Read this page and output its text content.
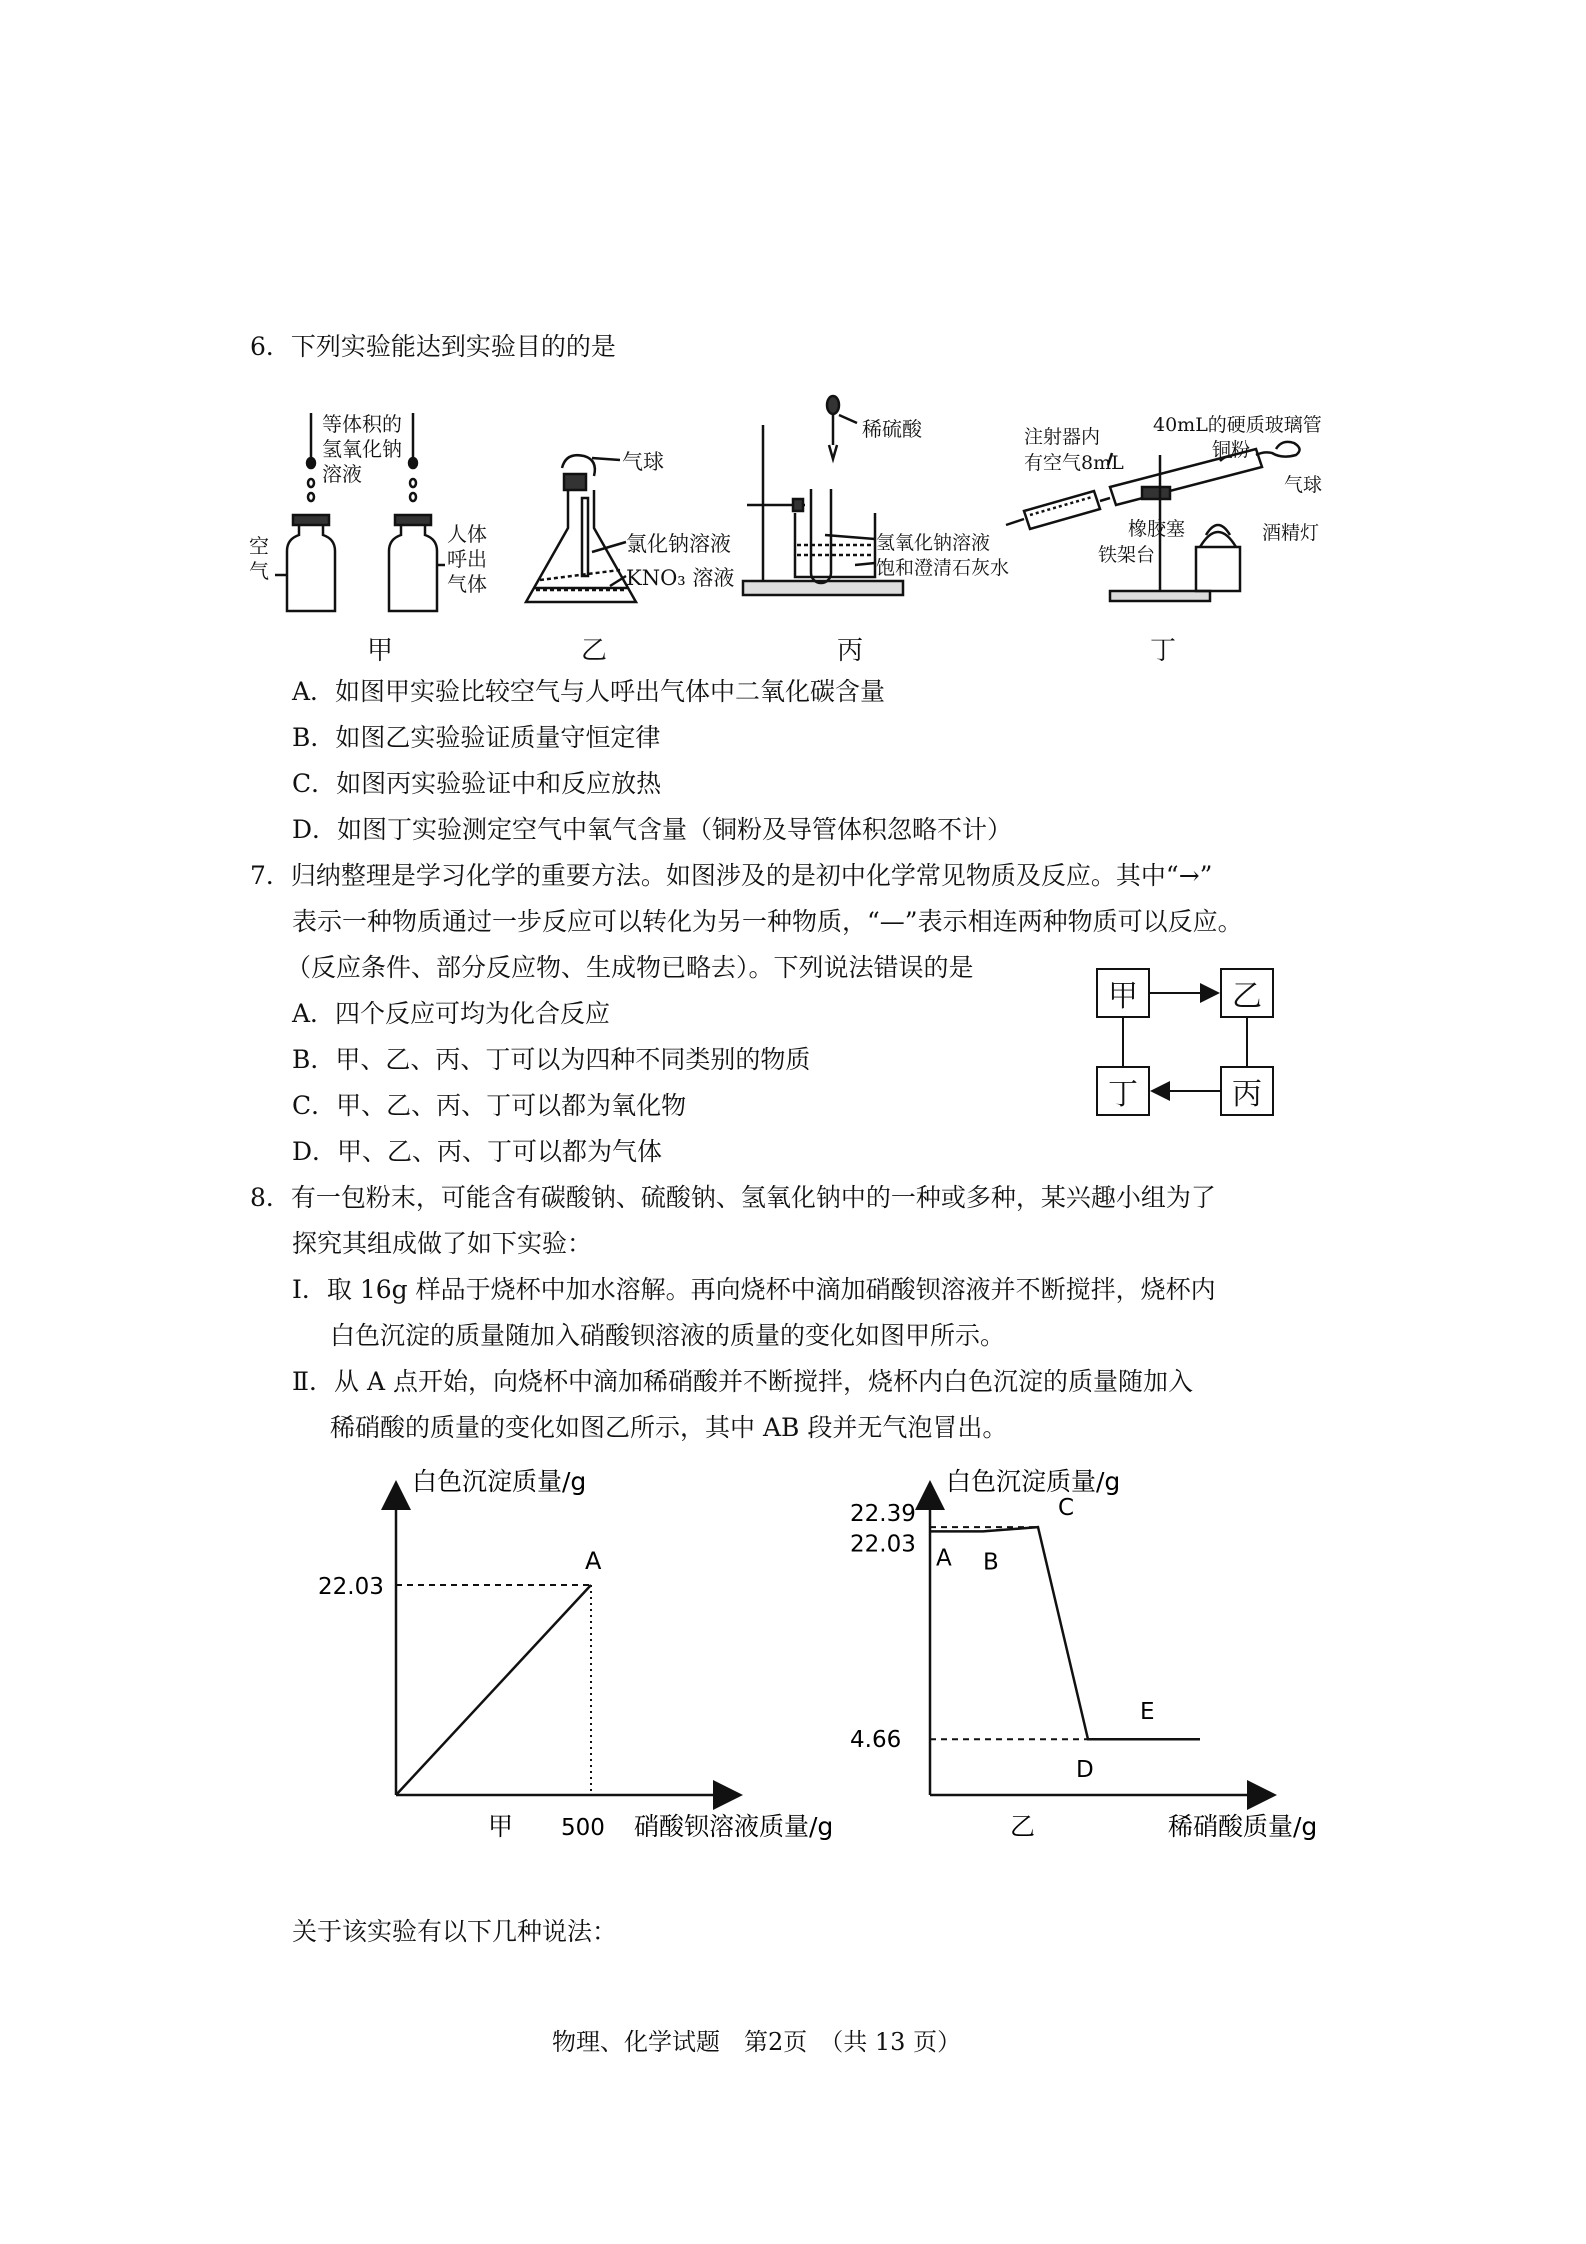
6．下列实验能达到实验目的的是
等体积的
氢氧化钠
溶液
空
气
人体
呼出
气体
气球
氯化钠溶液
KNO₃ 溶液
稀硫酸
氢氧化钠溶液
饱和澄清石灰水
注射器内
有空气8mL
40mL的硬质玻璃管
铜粉
气球
橡胶塞	酒精灯
铁架台
甲	乙	丙	丁
A．如图甲实验比较空气与人呼出气体中二氧化碳含量
B．如图乙实验验证质量守恒定律
C．如图丙实验验证中和反应放热
D．如图丁实验测定空气中氧气含量（铜粉及导管体积忽略不计）
7．归纳整理是学习化学的重要方法。如图涉及的是初中化学常见物质及反应。其中“→”
表示一种物质通过一步反应可以转化为另一种物质，“—”表示相连两种物质可以反应。
（反应条件、部分反应物、生成物已略去）。下列说法错误的是
A．四个反应可均为化合反应
B．甲、乙、丙、丁可以为四种不同类别的物质
C．甲、乙、丙、丁可以都为氧化物
D．甲、乙、丙、丁可以都为气体
甲	乙
丙
丁
8．有一包粉末，可能含有碳酸钠、硫酸钠、氢氧化钠中的一种或多种，某兴趣小组为了
探究其组成做了如下实验：
Ⅰ．取 16g 样品于烧杯中加水溶解。再向烧杯中滴加硝酸钡溶液并不断搅拌，烧杯内
白色沉淀的质量随加入硝酸钡溶液的质量的变化如图甲所示。
Ⅱ．从 A 点开始，向烧杯中滴加稀硝酸并不断搅拌，烧杯内白色沉淀的质量随加入
稀硝酸的质量的变化如图乙所示，其中 AB 段并无气泡冒出。
A
22.03
500
白色沉淀质量/g
硝酸钡溶液质量/g
甲
A B
C
D
E
22.39
22.03
4.66
白色沉淀质量/g
稀硝酸质量/g
乙
关于该实验有以下几种说法：
物理、化学试题　第2页　（共 13 页）
